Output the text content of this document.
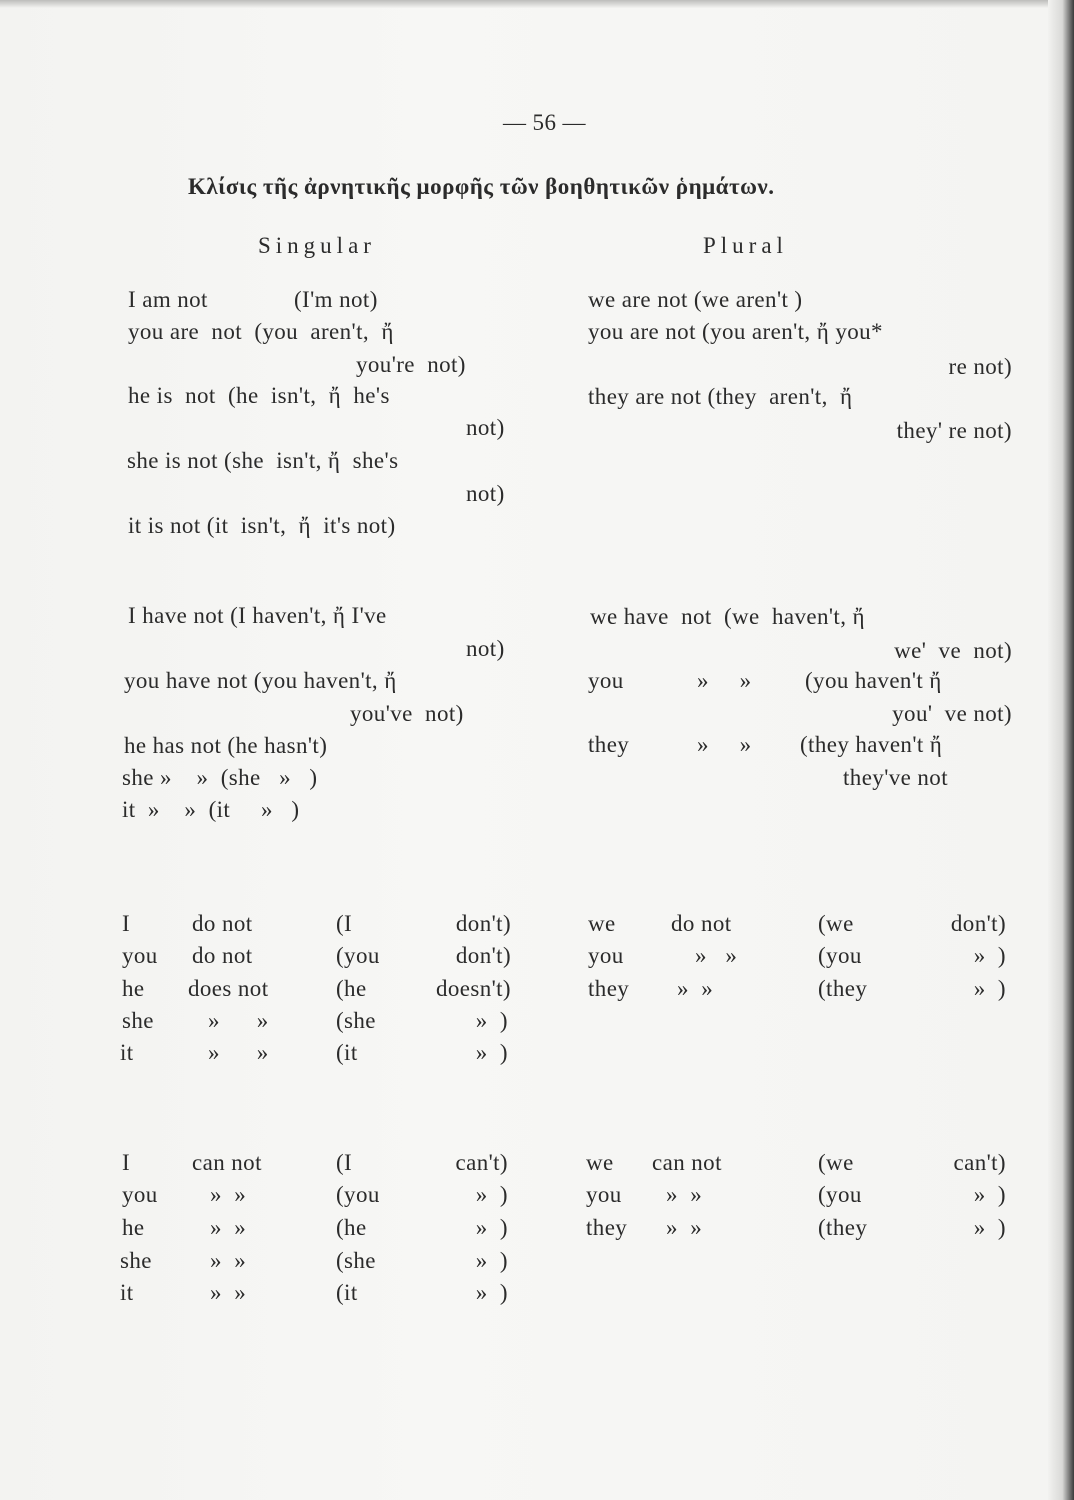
— 56 —
Κλίσις τῆς ἀρνητικῆς μορφῆς τῶν βοηθητικῶν ῥημάτων.
Singular	Plural
I am not	(I'm not)
you are  not  (you  aren't,  ἤ
you're  not)
he is  not  (he  isn't,  ἤ  he's
not)
she is not (she  isn't, ἤ  she's
not)
it is not (it  isn't,  ἤ  it's not)
we are not (we aren't )
you are not (you aren't, ἤ you*
re not)
they are not (they  aren't,  ἤ
they' re not)
I have not (I haven't, ἤ I've
not)
you have not (you haven't, ἤ
you've  not)
he has not (he hasn't)
she »    »  (she   »   )
it  »    »  (it     »   )
we have  not  (we  haven't, ἤ
we'  ve  not)
you	»     » (you haven't ἤ
you'  ve not)
they	»     » (they haven't ἤ
they've not
I	do not	(I	don't)
you do not	(you	don't)
he does not	(he	doesn't)
she »      »	(she	»  )
it	»      »	(it	»  )
we do not	(we	don't)
you	»   »	(you	»  )
they »  »	(they	»  )
I	can not	(I	can't)
you »  »	(you	»  )
he	»  »	(he	»  )
she	»  »	(she	»  )
it	»  »	(it	»  )
we can not	(we	can't)
you »  »	(you	»  )
they »  »	(they	»  )
